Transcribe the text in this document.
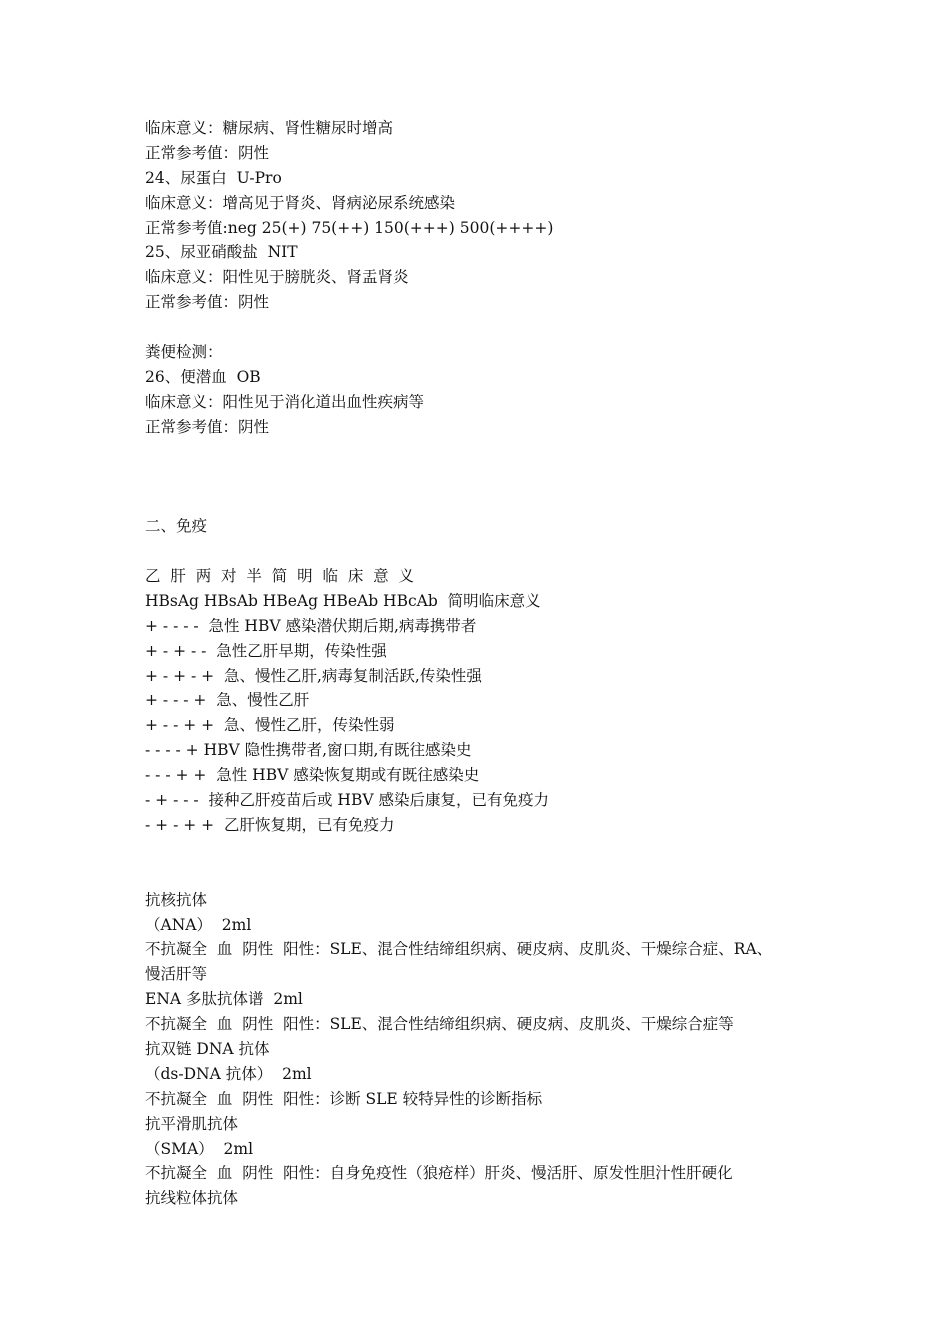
临床意义：糖尿病、肾性糖尿时增高
正常参考值：阴性
24、尿蛋白  U-Pro
临床意义：增高见于肾炎、肾病泌尿系统感染
正常参考值:neg 25(+) 75(++) 150(+++) 500(++++)
25、尿亚硝酸盐  NIT
临床意义：阳性见于膀胱炎、肾盂肾炎
正常参考值：阴性
粪便检测：
26、便潜血  OB
临床意义：阳性见于消化道出血性疾病等
正常参考值：阴性
二、免疫
乙  肝  两  对  半  简  明  临  床  意  义
HBsAg HBsAb HBeAg HBeAb HBcAb  简明临床意义
+ - - - -  急性 HBV 感染潜伏期后期,病毒携带者
+ - + - -  急性乙肝早期，传染性强
+ - + - +  急、慢性乙肝,病毒复制活跃,传染性强
+ - - - +  急、慢性乙肝
+ - - + +  急、慢性乙肝，传染性弱
- - - - + HBV 隐性携带者,窗口期,有既往感染史
- - - + +  急性 HBV 感染恢复期或有既往感染史
- + - - -  接种乙肝疫苗后或 HBV 感染后康复，已有免疫力
- + - + +  乙肝恢复期，已有免疫力
抗核抗体
（ANA）  2ml
不抗凝全  血  阴性  阳性：SLE、混合性结缔组织病、硬皮病、皮肌炎、干燥综合症、RA、
慢活肝等
ENA 多肽抗体谱  2ml
不抗凝全  血  阴性  阳性：SLE、混合性结缔组织病、硬皮病、皮肌炎、干燥综合症等
抗双链 DNA 抗体
（ds-DNA 抗体）  2ml
不抗凝全  血  阴性  阳性：诊断 SLE 较特异性的诊断指标
抗平滑肌抗体
（SMA）  2ml
不抗凝全  血  阴性  阳性：自身免疫性（狼疮样）肝炎、慢活肝、原发性胆汁性肝硬化
抗线粒体抗体
